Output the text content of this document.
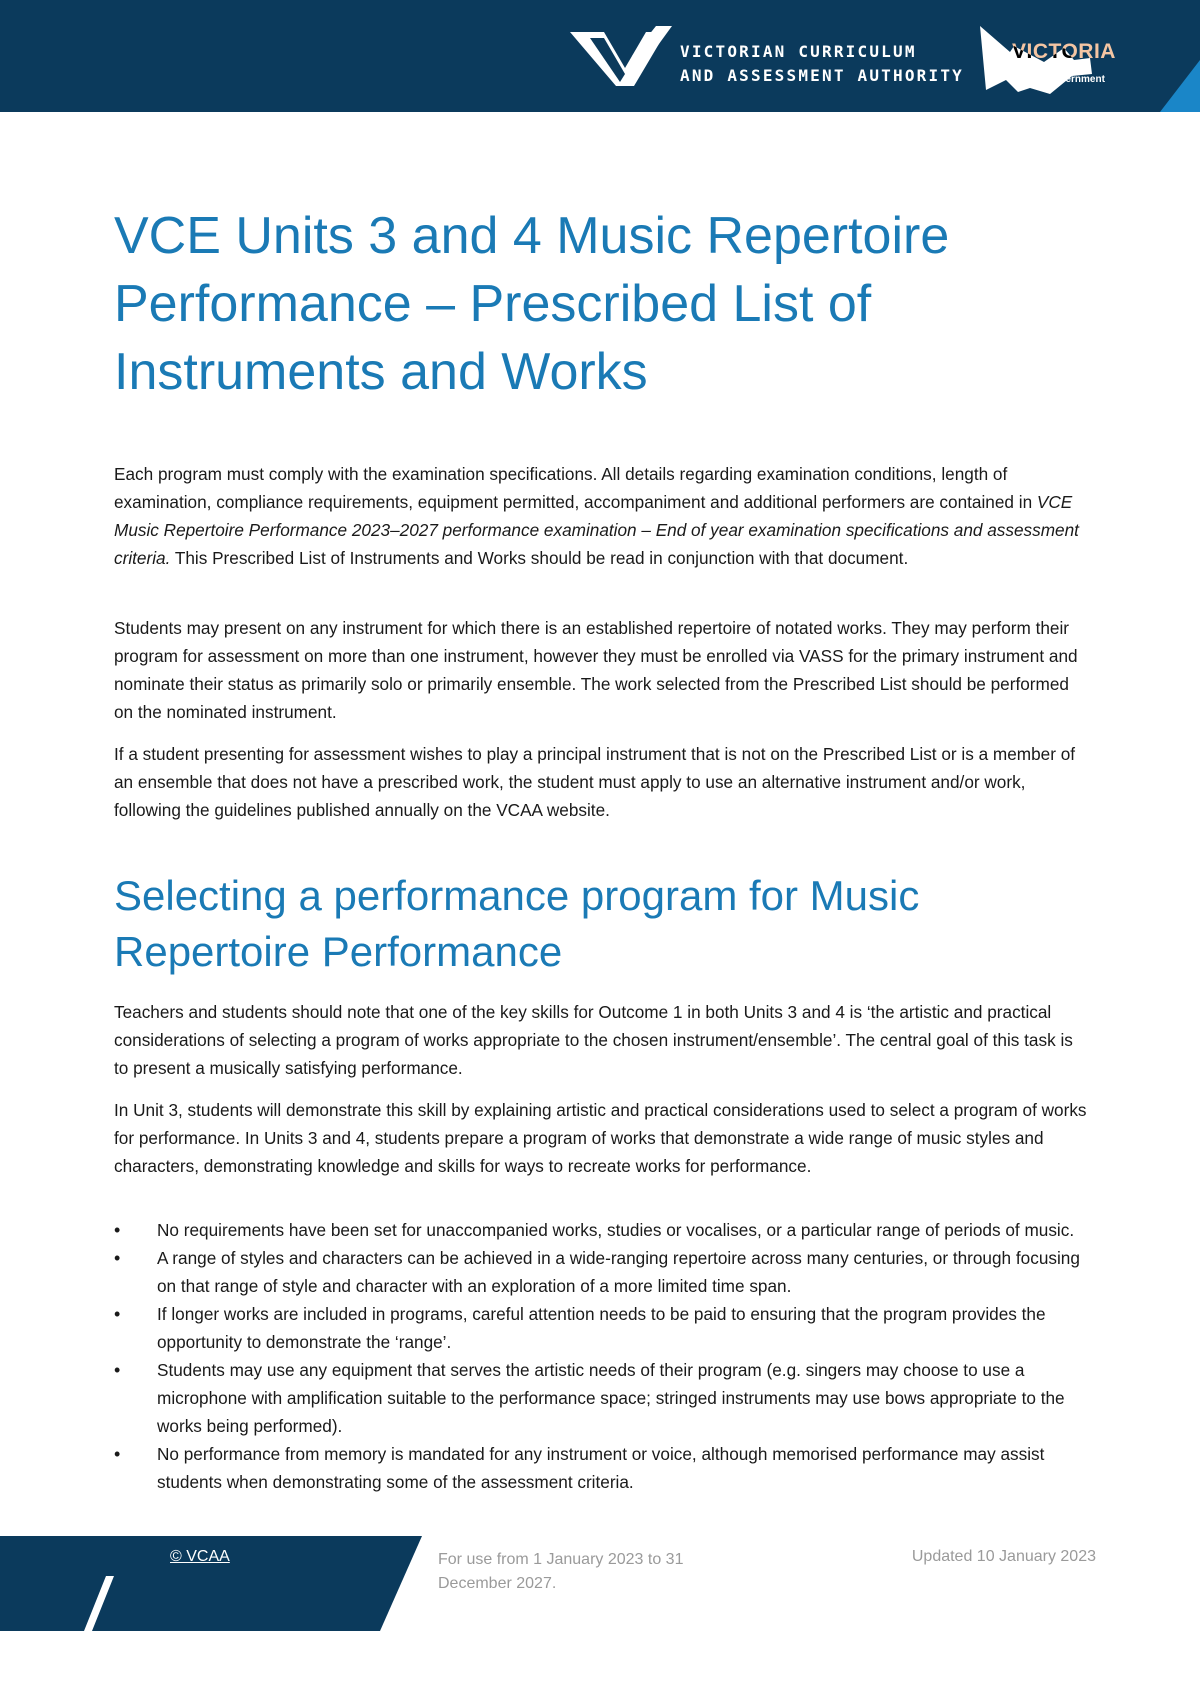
VICTORIAN CURRICULUM
AND ASSESSMENT AUTHORITY
VICTORIA
State
Government
VCE Units 3 and 4 Music Repertoire Performance – Prescribed List of Instruments and Works

Each program must comply with the examination specifications. All details regarding examination conditions, length of examination, compliance requirements, equipment permitted, accompaniment and additional performers are contained in VCE Music Repertoire Performance 2023–2027 performance examination – End of year examination specifications and assessment criteria. This Prescribed List of Instruments and Works should be read in conjunction with that document.

Students may present on any instrument for which there is an established repertoire of notated works. They may perform their program for assessment on more than one instrument, however they must be enrolled via VASS for the primary instrument and nominate their status as primarily solo or primarily ensemble. The work selected from the Prescribed List should be performed on the nominated instrument.

If a student presenting for assessment wishes to play a principal instrument that is not on the Prescribed List or is a member of an ensemble that does not have a prescribed work, the student must apply to use an alternative instrument and/or work, following the guidelines published annually on the VCAA website.

Selecting a performance program for Music Repertoire Performance

Teachers and students should note that one of the key skills for Outcome 1 in both Units 3 and 4 is ‘the artistic and practical considerations of selecting a program of works appropriate to the chosen instrument/ensemble’. The central goal of this task is to present a musically satisfying performance.

In Unit 3, students will demonstrate this skill by explaining artistic and practical considerations used to select a program of works for performance. In Units 3 and 4, students prepare a program of works that demonstrate a wide range of music styles and characters, demonstrating knowledge and skills for ways to recreate works for performance.

• No requirements have been set for unaccompanied works, studies or vocalises, or a particular range of periods of music.
• A range of styles and characters can be achieved in a wide-ranging repertoire across many centuries, or through focusing on that range of style and character with an exploration of a more limited time span.
• If longer works are included in programs, careful attention needs to be paid to ensuring that the program provides the opportunity to demonstrate the ‘range’.
• Students may use any equipment that serves the artistic needs of their program (e.g. singers may choose to use a microphone with amplification suitable to the performance space; stringed instruments may use bows appropriate to the works being performed).
• No performance from memory is mandated for any instrument or voice, although memorised performance may assist students when demonstrating some of the assessment criteria.
© VCAA	For use from 1 January 2023 to 31 December 2027.
Updated 10 January 2023
